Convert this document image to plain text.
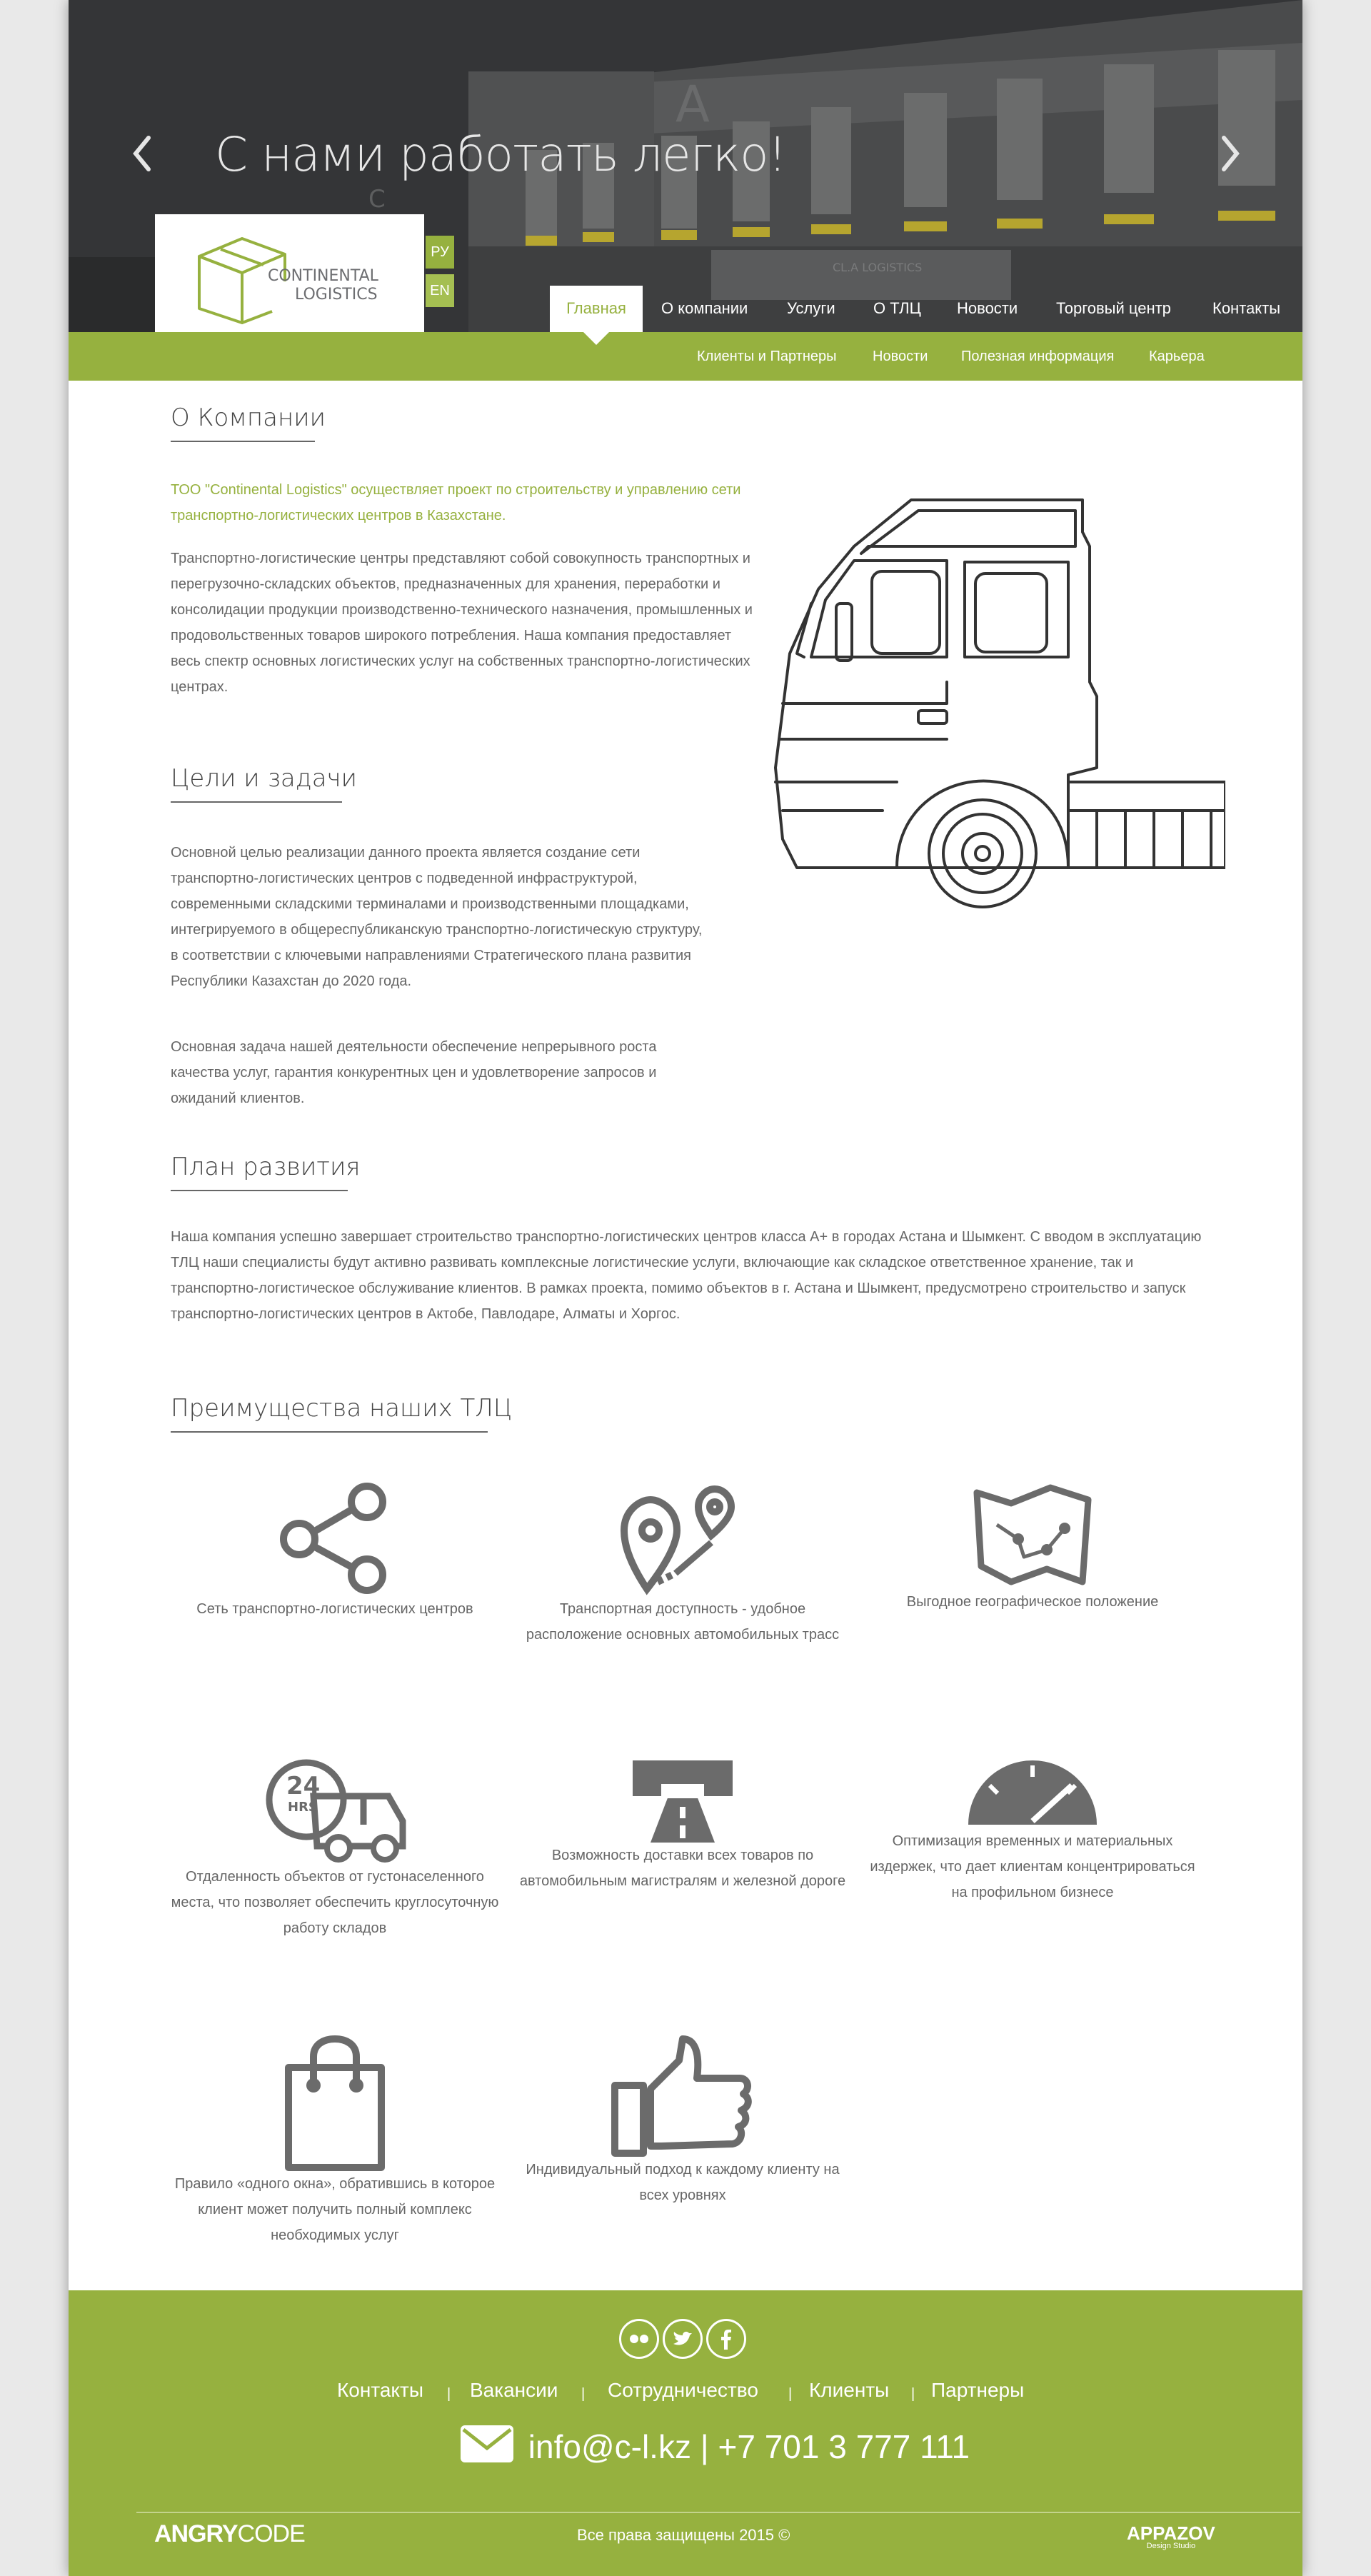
А
С
CL.A LOGISTICS
С нами работать легко!
CONTINENTAL
LOGISTICS
РУ
EN
Главная	О компании Услуги О ТЛЦ Новости Торговый центр	Контакты
Клиенты и Партнеры	Новости Полезная информация Карьера
О Компании

ТОО "Continental Logistics" осуществляет проект по строительству и управлению сети транспортно-логистических центров в Казахстане.

Транспортно-логистические центры представляют собой совокупность транспортных и перегрузочно-складских объектов, предназначенных для хранения, переработки и консолидации продукции производственно-технического назначения, промышленных и продовольственных товаров широкого потребления. Наша компания предоставляет весь спектр основных логистических услуг на собственных транспортно-логистических центрах.

Цели и задачи

Основной целью реализации данного проекта является создание сети транспортно-логистических центров с подведенной инфраструктурой, современными складскими терминалами и производственными площадками, интегрируемого в общереспубликанскую транспортно-логистическую структуру, в соответствии с ключевыми направлениями Стратегического плана развития Республики Казахстан до 2020 года.

Основная задача нашей деятельности обеспечение непрерывного роста качества услуг, гарантия конкурентных цен и удовлетворение запросов и ожиданий клиентов.

План развития

Наша компания успешно завершает строительство транспортно-логистических центров класса А+ в городах Астана и Шымкент. С вводом в эксплуатацию ТЛЦ наши специалисты будут активно развивать комплексные логистические услуги, включающие как складское ответственное хранение, так и транспортно-логистическое обслуживание клиентов. В рамках проекта, помимо объектов в г. Астана и Шымкент, предусмотрено строительство и запуск транспортно-логистических центров в Актобе, Павлодаре, Алматы и Хоргос.

Преимущества наших ТЛЦ
Сеть транспортно-логистических центров	Транспортная доступность - удобное расположение основных автомобильных трасс
Выгодное географическое положение
24
HRS
Отдаленность объектов от густонаселенного места, что позволяет обеспечить круглосуточную работу складов
Возможность доставки всех товаров по автомобильным магистралям и железной дороге
Оптимизация временных и материальных издержек, что дает клиентам концентрироваться на профильном бизнесе
Правило «одного окна», обратившись в которое клиент может получить полный комплекс необходимых услуг
Индивидуальный подход к каждому клиенту на всех уровнях
Контакты | Вакансии | Сотрудничество | Клиенты | Партнеры
info@c-l.kz | +7 701 3 777 111
ANGRYCODE	Все права защищены 2015 ©	APPAZOV
Design Studio
